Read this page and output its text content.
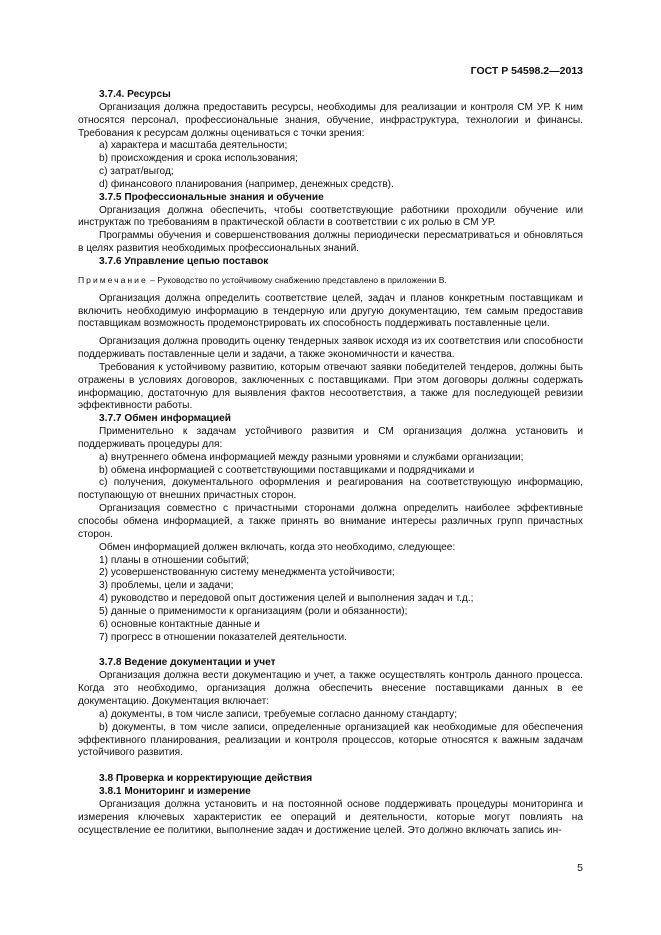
ГОСТ Р 54598.2—2013

3.7.4. Ресурсы

Организация должна предоставить ресурсы, необходимы для реализации и контроля СМ УР. К ним относятся персонал, профессиональные знания, обучение, инфраструктура, технологии и финансы. Требования к ресурсам должны оцениваться с точки зрения:

a) характера и масштаба деятельности;

b) происхождения и срока использования;

c) затрат/выгод;

d) финансового планирования (например, денежных средств).

3.7.5 Профессиональные знания и обучение

Организация должна обеспечить, чтобы соответствующие работники проходили обучение или инструктаж по требованиям в практической области в соответствии с их ролью в СМ УР.

Программы обучения и совершенствования должны периодически пересматриваться и обновляться в целях развития необходимых профессиональных знаний.

3.7.6 Управление цепью поставок

Примечание – Руководство по устойчивому снабжению представлено в приложении В.

Организация должна определить соответствие целей, задач и планов конкретным поставщикам и включить необходимую информацию в тендерную или другую документацию, тем самым предоставив поставщикам возможность продемонстрировать их способность поддерживать поставленные цели.

Организация должна проводить оценку тендерных заявок исходя из их соответствия или способности поддерживать поставленные цели и задачи, а также экономичности и качества.

Требования к устойчивому развитию, которым отвечают заявки победителей тендеров, должны быть отражены в условиях договоров, заключенных с поставщиками. При этом договоры должны содержать информацию, достаточную для выявления фактов несоответствия, а также для последующей ревизии эффективности работы.

3.7.7 Обмен информацией

Применительно к задачам устойчивого развития и СМ организация должна установить и поддерживать процедуры для:

a) внутреннего обмена информацией между разными уровнями и службами организации;

b) обмена информацией с соответствующими поставщиками и подрядчиками и

c) получения, документального оформления и реагирования на соответствующую информацию, поступающую от внешних причастных сторон.

Организация совместно с причастными сторонами должна определить наиболее эффективные способы обмена информацией, а также принять во внимание интересы различных групп причастных сторон.

Обмен информацией должен включать, когда это необходимо, следующее:

1) планы в отношении событий;

2) усовершенствованную систему менеджмента устойчивости;

3) проблемы, цели и задачи;

4) руководство и передовой опыт достижения целей и выполнения задач и т.д.;

5) данные о применимости к организациям (роли и обязанности);

6) основные контактные данные и

7) прогресс в отношении показателей деятельности.

3.7.8 Ведение документации и учет

Организация должна вести документацию и учет, а также осуществлять контроль данного процесса. Когда это необходимо, организация должна обеспечить внесение поставщиками данных в ее документацию. Документация включает:

a) документы, в том числе записи, требуемые согласно данному стандарту;

b) документы, в том числе записи, определенные организацией как необходимые для обеспечения эффективного планирования, реализации и контроля процессов, которые относятся к важным задачам устойчивого развития.

3.8 Проверка и корректирующие действия

3.8.1 Мониторинг и измерение

Организация должна установить и на постоянной основе поддерживать процедуры мониторинга и измерения ключевых характеристик ее операций и деятельности, которые могут повлиять на осуществление ее политики, выполнение задач и достижение целей. Это должно включать запись ин-

5
